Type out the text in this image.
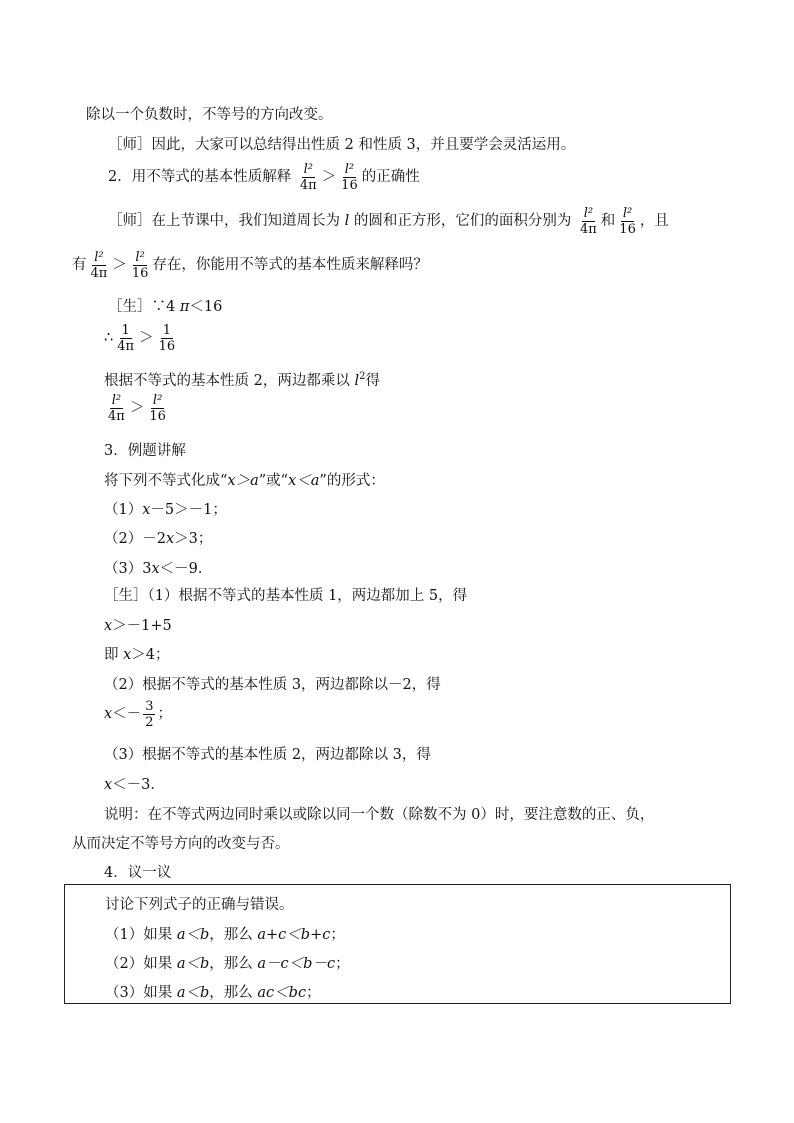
除以一个负数时，不等号的方向改变。
［师］因此，大家可以总结得出性质 2 和性质 3，并且要学会灵活运用。
2．用不等式的基本性质解释 $\frac{\text{l²}}{4\pi} > \frac{\text{l²}}{16}$ 的正确性
［师］在上节课中，我们知道周长为 l 的圆和正方形，它们的面积分别为 $\frac{\text{l²}}{4\pi}$ 和 $\frac{\text{l²}}{16}$ ，且
有 $\frac{\text{l²}}{4\pi} > \frac{\text{l²}}{16}$ 存在，你能用不等式的基本性质来解释吗？
［生］∵4 π＜16
∴ $\frac{1}{4\pi} > \frac{1}{16}$
根据不等式的基本性质 2，两边都乘以 $l^2$得
$\frac{\text{l²}}{4\pi} > \frac{\text{l²}}{16}$
3．例题讲解
将下列不等式化成“x＞a”或“x＜a”的形式：
（1）x－5＞－1；
（2）－2x＞3；
（3）3x＜－9．
［生］（1）根据不等式的基本性质 1，两边都加上 5，得
x＞－1+5
即 x＞4；
（2）根据不等式的基本性质 3，两边都除以－2，得
$x<- \frac{3}{2}$ ；
（3）根据不等式的基本性质 2，两边都除以 3，得
x＜－3．
说明：在不等式两边同时乘以或除以同一个数（除数不为 0）时，要注意数的正、负，
从而决定不等号方向的改变与否。
4．议一议
讨论下列式子的正确与错误。
（1）如果 a＜b，那么 a+c＜b+c；
（2）如果 a＜b，那么 a－c＜b－c；
（3）如果 a＜b，那么 ac＜bc；
